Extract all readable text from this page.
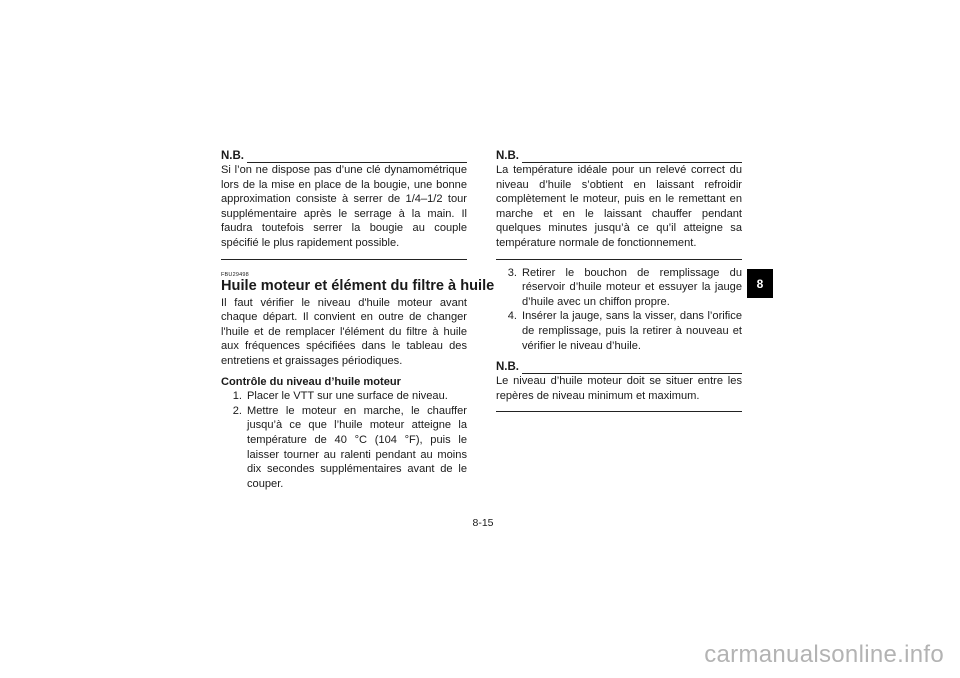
N.B.

Si l’on ne dispose pas d’une clé dynamométrique lors de la mise en place de la bougie, une bonne approximation consiste à serrer de 1/4–1/2 tour supplémentaire après le serrage à la main. Il faudra toutefois serrer la bougie au couple spécifié le plus rapidement possible.

FBU29498
Huile moteur et élément du filtre à huile

Il faut vérifier le niveau d'huile moteur avant chaque départ. Il convient en outre de changer l'huile et de remplacer l'élément du filtre à huile aux fréquences spécifiées dans le tableau des entretiens et graissages périodiques.

Contrôle du niveau d’huile moteur
1. Placer le VTT sur une surface de niveau.
2. Mettre le moteur en marche, le chauffer jusqu’à ce que l’huile moteur atteigne la température de 40 °C (104 °F), puis le laisser tourner au ralenti pendant au moins dix secondes supplémentaires avant de le couper.
N.B.

La température idéale pour un relevé correct du niveau d’huile s’obtient en laissant refroidir complètement le moteur, puis en le remettant en marche et en le laissant chauffer pendant quelques minutes jusqu’à ce qu’il atteigne sa température normale de fonctionnement.

3. Retirer le bouchon de remplissage du réservoir d’huile moteur et essuyer la jauge d’huile avec un chiffon propre.
4. Insérer la jauge, sans la visser, dans l’orifice de remplissage, puis la retirer à nouveau et vérifier le niveau d’huile.
N.B.

Le niveau d’huile moteur doit se situer entre les repères de niveau minimum et maximum.

8
8-15
carmanualsonline.info
